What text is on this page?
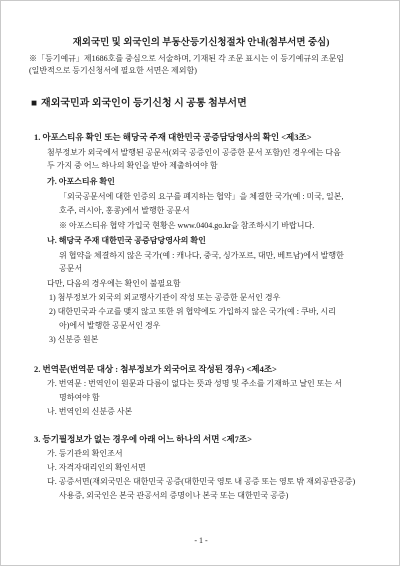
재외국민 및 외국인의 부동산등기신청절차 안내(첨부서면 중심)
※「등기예규」제1686호를 중심으로 서술하며, 기재된 각 조문 표시는 이 등기예규의 조문임
(일반적으로 등기신청서에 필요한 서면은 제외함)
■ 재외국민과 외국인이 등기신청 시 공통 첨부서면
1. 아포스티유 확인 또는 해당국 주재 대한민국 공증담당영사의 확인 <제3조>
첨부정보가 외국에서 발행된 공문서(외국 공증인이 공증한 문서 포함)인 경우에는 다음
두 가지 중 어느 하나의 확인을 받아 제출하여야 함
가. 아포스티유 확인
「외국공문서에 대한 인증의 요구를 폐지하는 협약」을 체결한 국가(예 : 미국, 일본,
호주, 러시아, 홍콩)에서 발행한 공문서
※ 아포스티유 협약 가입국 현황은 www.0404.go.kr을 참조하시기 바랍니다.
나. 해당국 주재 대한민국 공증담당영사의 확인
위 협약을 체결하지 않은 국가(예 : 캐나다, 중국, 싱가포르, 대만, 베트남)에서 발행한
공문서
다만, 다음의 경우에는 확인이 불필요함
1) 첨부정보가 외국의 외교행사기관이 작성 또는 공증한 문서인 경우
2) 대한민국과 수교를 맺지 않고 또한 위 협약에도 가입하지 않은 국가(예 : 쿠바, 시리
아)에서 발행한 공문서인 경우
3) 신분증 원본
2. 번역문(번역문 대상 : 첨부정보가 외국어로 작성된 경우) <제4조>
가. 번역문 : 번역인이 원문과 다름이 없다는 뜻과 성명 및 주소를 기재하고 날인 또는 서
명하여야 함
나. 번역인의 신분증 사본
3. 등기필정보가 없는 경우에 아래 어느 하나의 서면 <제7조>
가. 등기관의 확인조서
나. 자격자대리인의 확인서면
다. 공증서면(재외국민은 대한민국 공증(대한민국 영토 내 공증 또는 영토 밖 재외공관공증)
사용증, 외국인은 본국 관공서의 증명이나 본국 또는 대한민국 공증)
- 1 -
